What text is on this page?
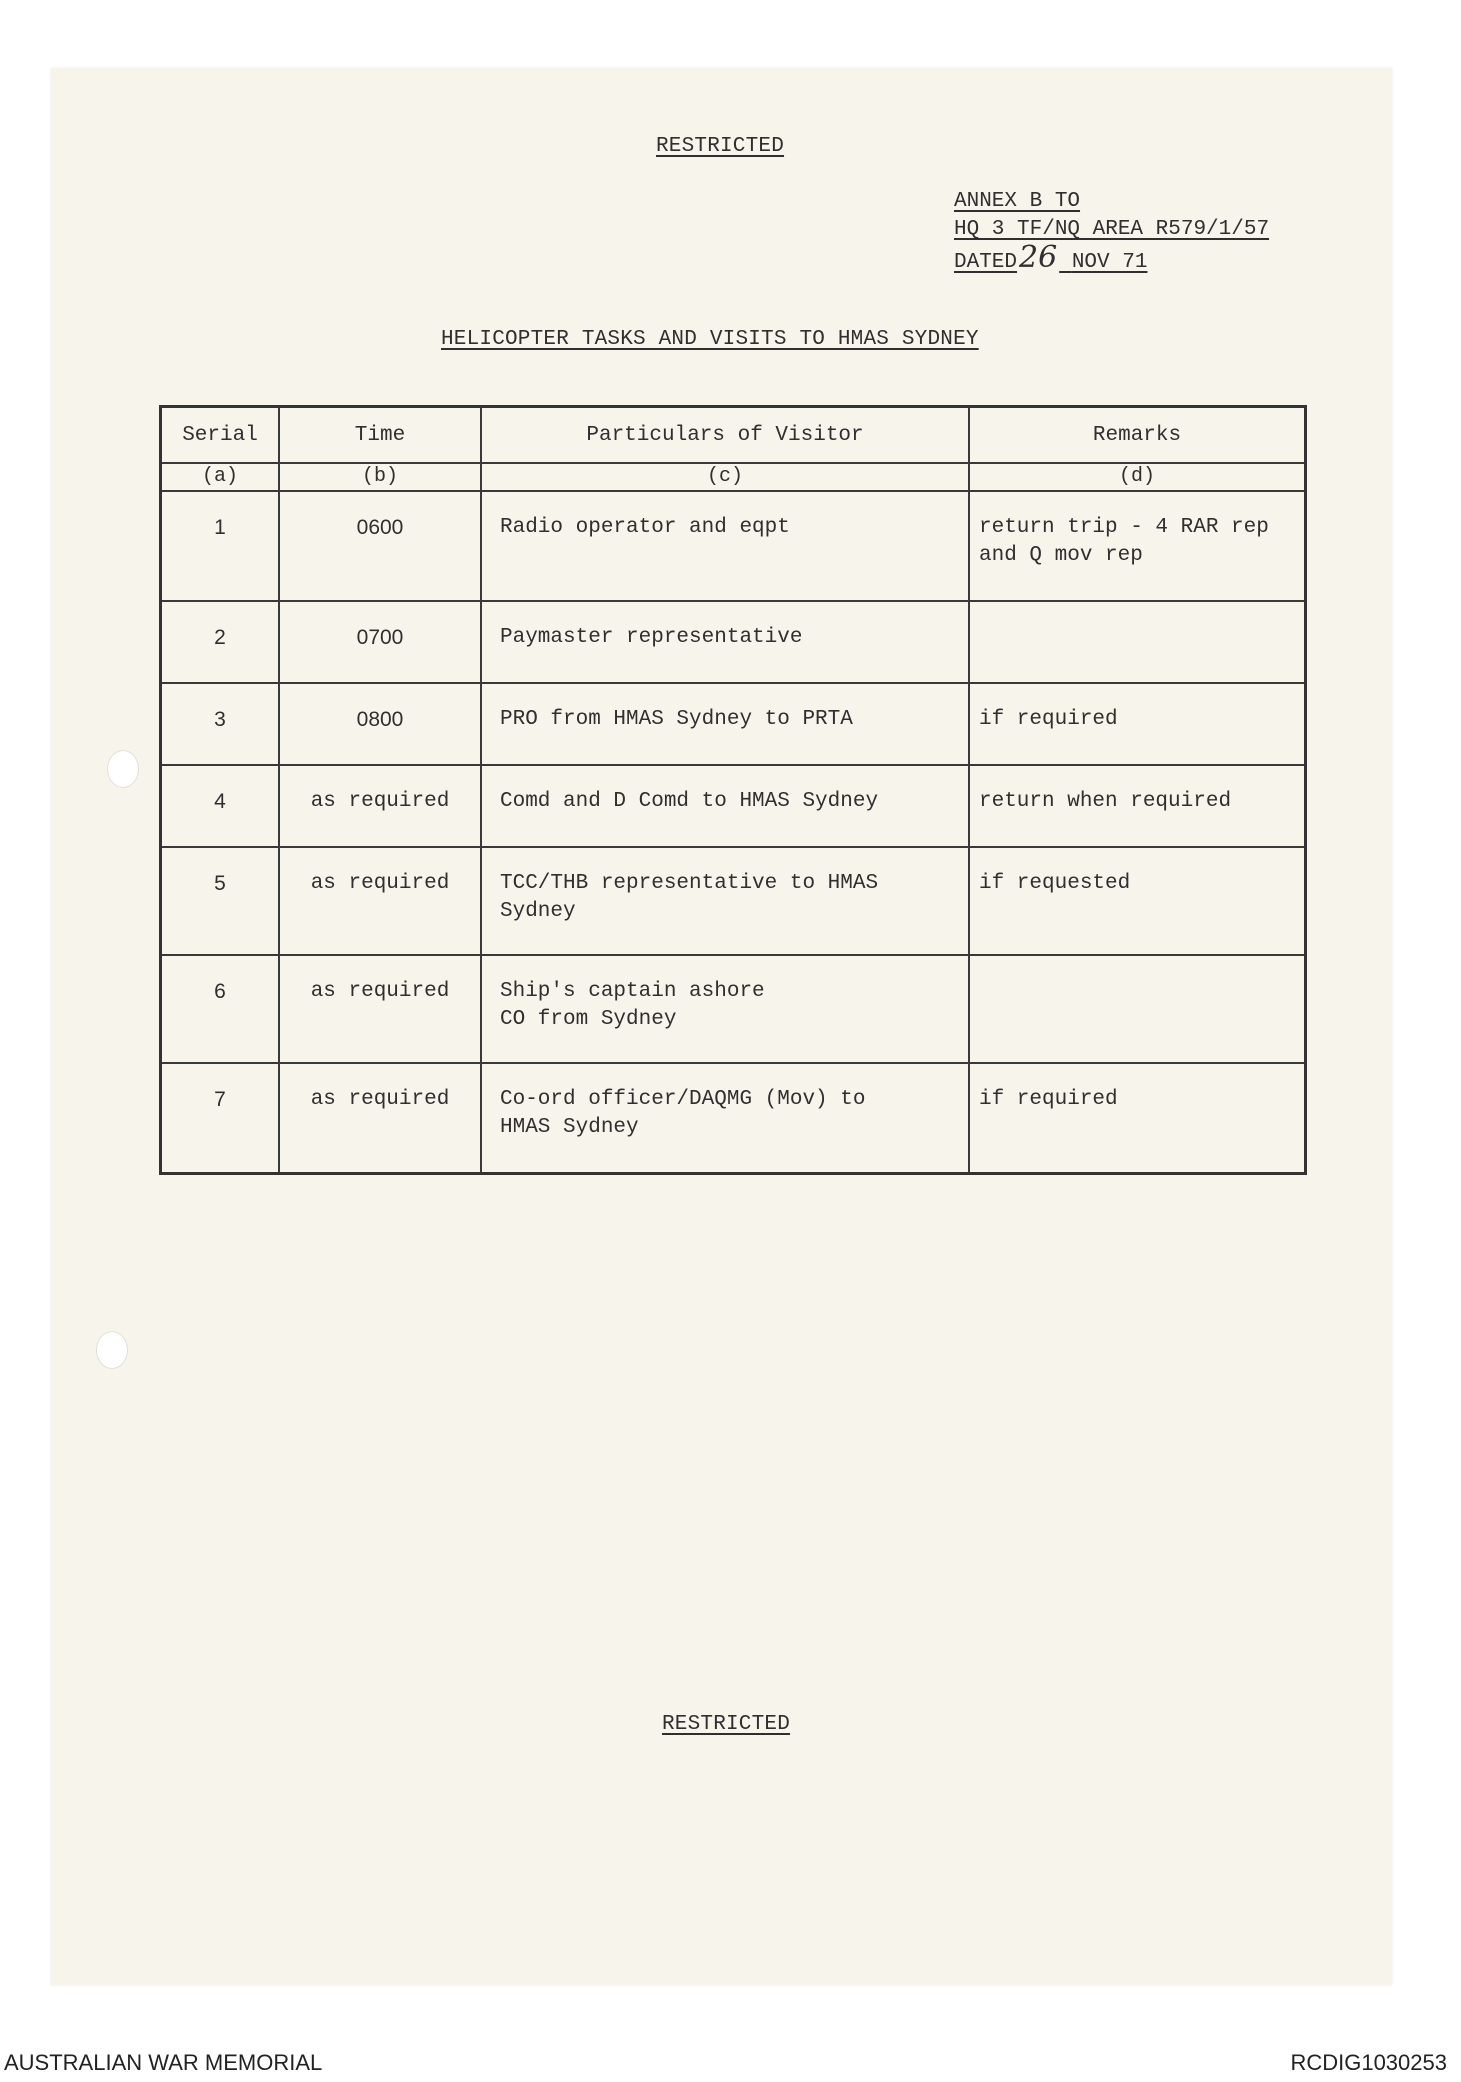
RESTRICTED
ANNEX B TO
HQ 3 TF/NQ AREA R579/1/57
DATED26 NOV 71
HELICOPTER TASKS AND VISITS TO HMAS SYDNEY
Serial	Time	Particulars of Visitor	Remarks
(a)	(b)	(c)	(d)
1	0600	Radio operator and eqpt	return trip - 4 RAR rep
and Q mov rep

2	0700	Paymaster representative	

3	0800	PRO from HMAS Sydney to PRTA	if required

4	as required	Comd and D Comd to HMAS Sydney	return when required

5	as required	TCC/THB representative to HMAS
Sydney	if requested

6	as required	Ship's captain ashore
CO from Sydney	

7	as required	Co-ord officer/DAQMG (Mov) to
HMAS Sydney	if required
RESTRICTED
AUSTRALIAN WAR MEMORIAL	RCDIG1030253
